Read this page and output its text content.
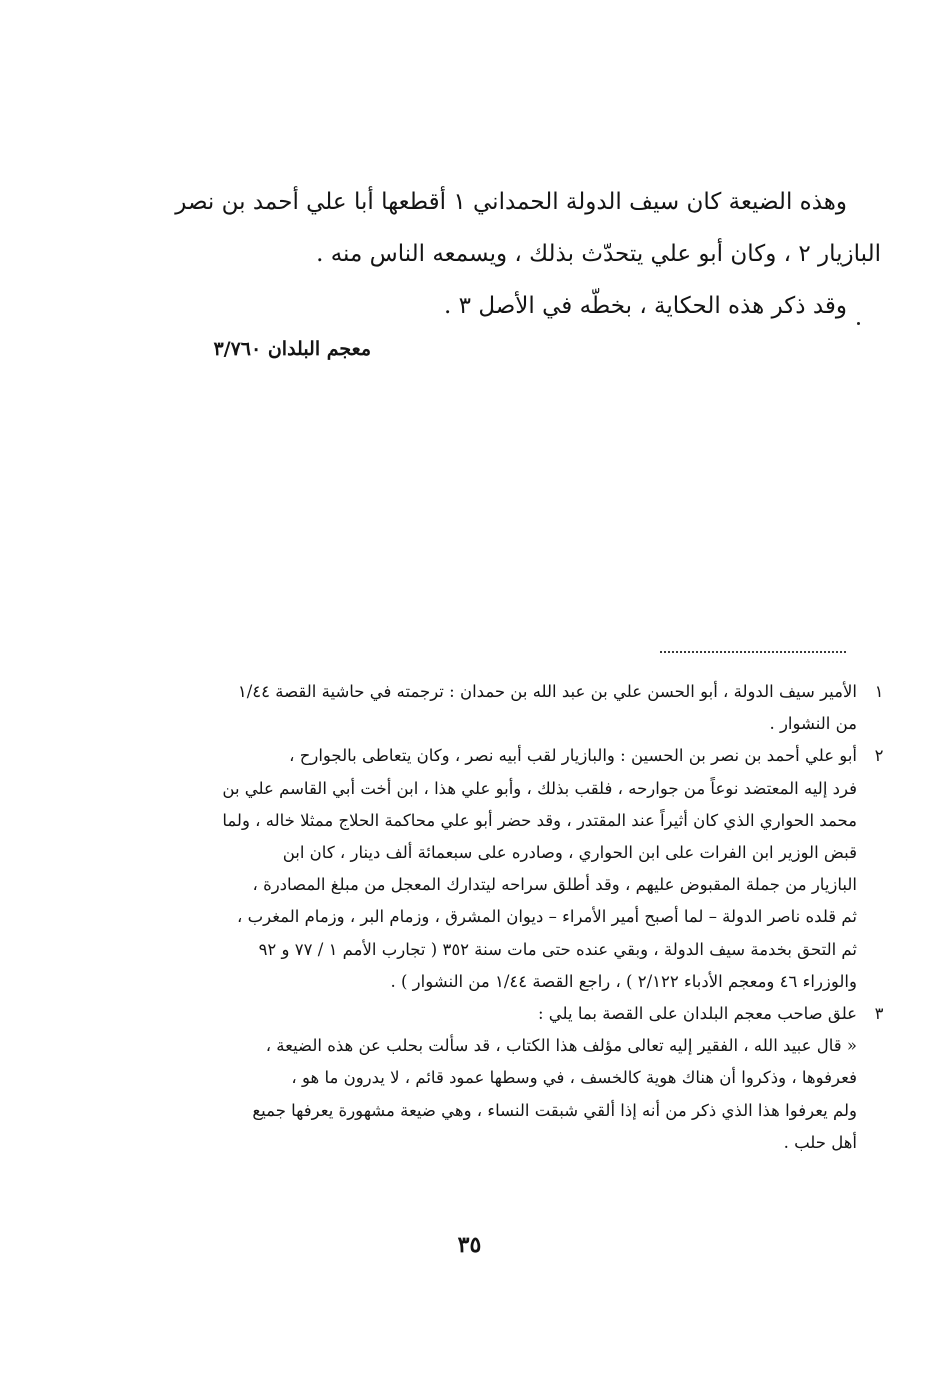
وهذه الضيعة كان سيف الدولة الحمداني ١ أقطعها أبا علي أحمد بن نصر

البازيار ٢ ، وكان أبو علي يتحدّث بذلك ، ويسمعه الناس منه .

وقد ذكر هذه الحكاية ، بخطّه في الأصل ٣ .

معجم البلدان ٣/٧٦٠

١
الأمير سيف الدولة ، أبو الحسن علي بن عبد الله بن حمدان : ترجمته في حاشية القصة ١/٤٤

من النشوار .

٢
أبو علي أحمد بن نصر بن الحسين : والبازيار لقب أبيه نصر ، وكان يتعاطى بالجوارح ،

فرد إليه المعتضد نوعاً من جوارحه ، فلقب بذلك ، وأبو علي هذا ، ابن أخت أبي القاسم علي بن

محمد الحواري الذي كان أثيراً عند المقتدر ، وقد حضر أبو علي محاكمة الحلاج ممثلا خاله ، ولما

قبض الوزير ابن الفرات على ابن الحواري ، وصادره على سبعمائة ألف دينار ، كان ابن

البازيار من جملة المقبوض عليهم ، وقد أطلق سراحه ليتدارك المعجل من مبلغ المصادرة ،

ثم قلده ناصر الدولة – لما أصبح أمير الأمراء – ديوان المشرق ، وزمام البر ، وزمام المغرب ،

ثم التحق بخدمة سيف الدولة ، وبقي عنده حتى مات سنة ٣٥٢ ( تجارب الأمم ١ / ٧٧ و ٩٢

والوزراء ٤٦ ومعجم الأدباء ٢/١٢٢ ) ، راجع القصة ١/٤٤ من النشوار ) .

٣
علق صاحب معجم البلدان على القصة بما يلي :

« قال عبيد الله ، الفقير إليه تعالى مؤلف هذا الكتاب ، قد سألت بحلب عن هذه الضيعة ،

فعرفوها ، وذكروا أن هناك هوية كالخسف ، في وسطها عمود قائم ، لا يدرون ما هو ،

ولم يعرفوا هذا الذي ذكر من أنه إذا ألقي شبقت النساء ، وهي ضيعة مشهورة يعرفها جميع

أهل حلب .

٣٥
